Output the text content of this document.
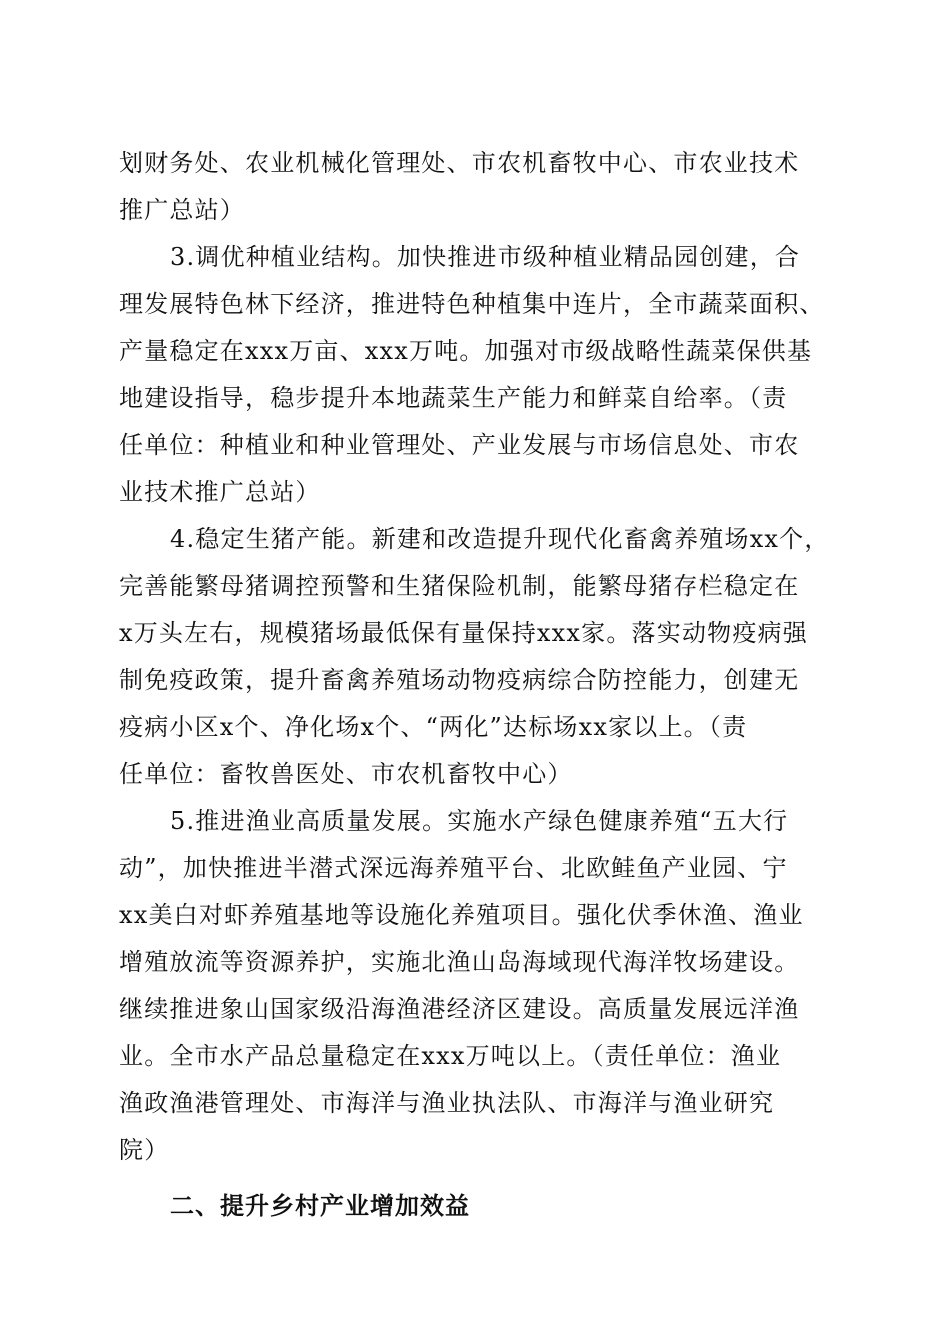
划财务处、农业机械化管理处、市农机畜牧中心、市农业技术
推广总站）
3.调优种植业结构。加快推进市级种植业精品园创建，合
理发展特色林下经济，推进特色种植集中连片，全市蔬菜面积、
产量稳定在xxx万亩、xxx万吨。加强对市级战略性蔬菜保供基
地建设指导，稳步提升本地蔬菜生产能力和鲜菜自给率。（责
任单位：种植业和种业管理处、产业发展与市场信息处、市农
业技术推广总站）
4.稳定生猪产能。新建和改造提升现代化畜禽养殖场xx个，
完善能繁母猪调控预警和生猪保险机制，能繁母猪存栏稳定在
x万头左右，规模猪场最低保有量保持xxx家。落实动物疫病强
制免疫政策，提升畜禽养殖场动物疫病综合防控能力，创建无
疫病小区x个、净化场x个、“两化”达标场xx家以上。（责
任单位：畜牧兽医处、市农机畜牧中心）
5.推进渔业高质量发展。实施水产绿色健康养殖“五大行
动”，加快推进半潜式深远海养殖平台、北欧鲑鱼产业园、宁
xx美白对虾养殖基地等设施化养殖项目。强化伏季休渔、渔业
增殖放流等资源养护，实施北渔山岛海域现代海洋牧场建设。
继续推进象山国家级沿海渔港经济区建设。高质量发展远洋渔
业。全市水产品总量稳定在xxx万吨以上。（责任单位：渔业
渔政渔港管理处、市海洋与渔业执法队、市海洋与渔业研究
院）
二、提升乡村产业增加效益
